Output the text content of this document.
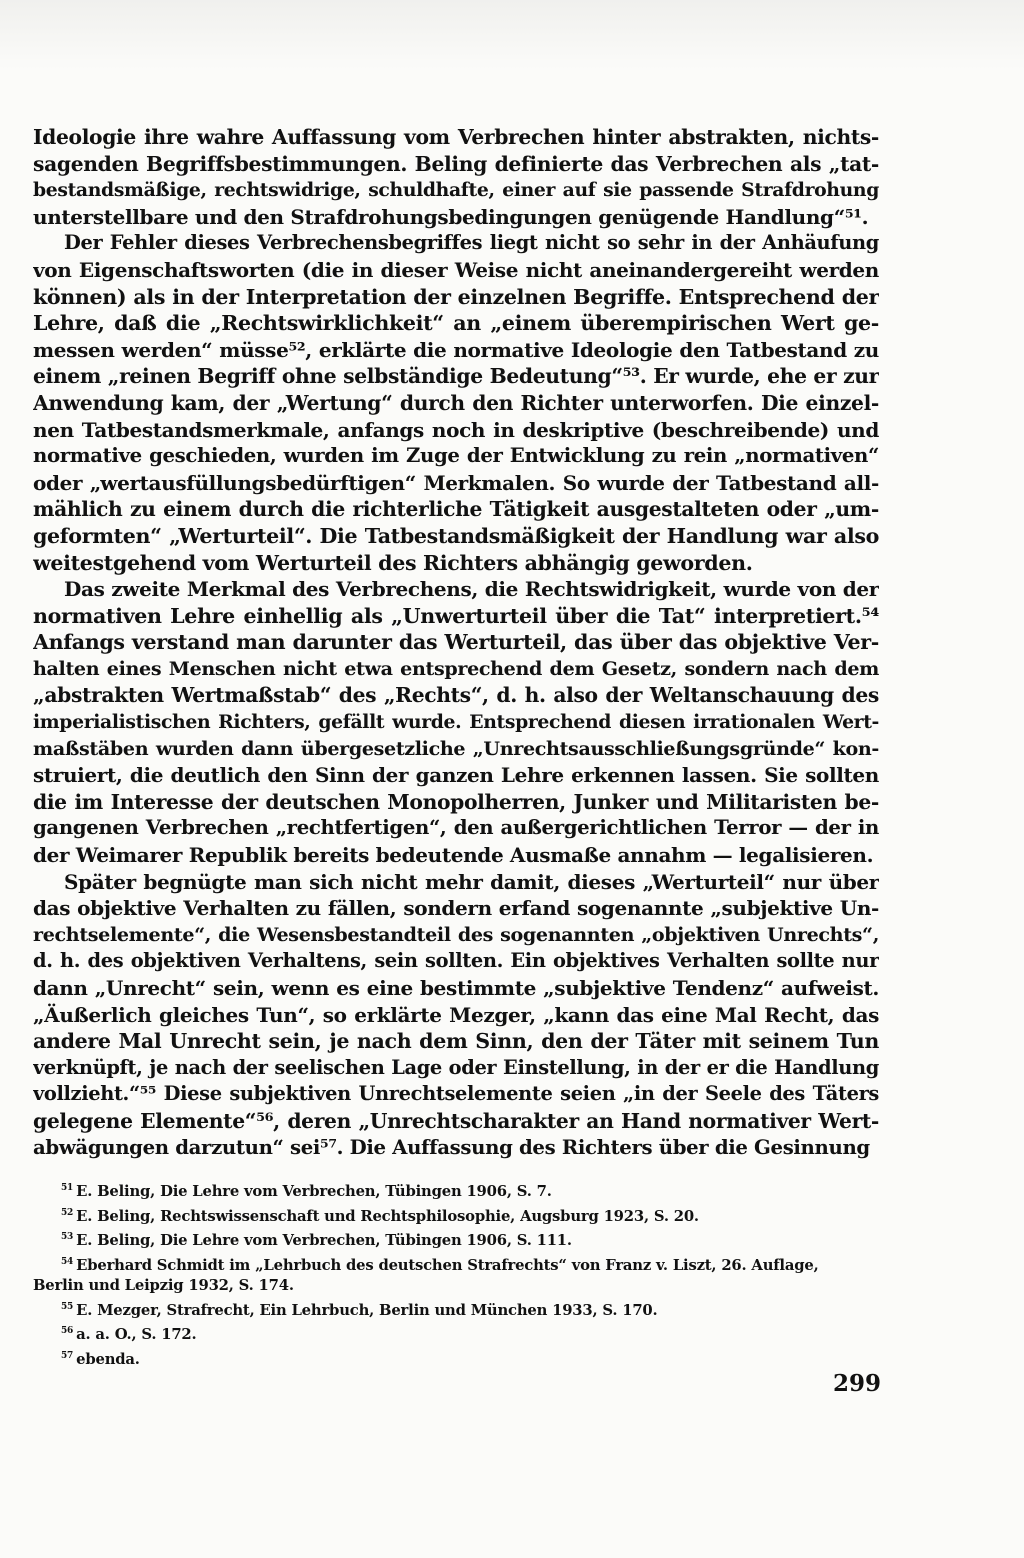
Ideologie ihre wahre Auffassung vom Verbrechen hinter abstrakten, nichts-
sagenden Begriffsbestimmungen. Beling definierte das Verbrechen als „tat-
bestandsmäßige, rechtswidrige, schuldhafte, einer auf sie passende Strafdrohung
unterstellbare und den Strafdrohungsbedingungen genügende Handlung“⁵¹.
Der Fehler dieses Verbrechensbegriffes liegt nicht so sehr in der Anhäufung
von Eigenschaftsworten (die in dieser Weise nicht aneinandergereiht werden
können) als in der Interpretation der einzelnen Begriffe. Entsprechend der
Lehre, daß die „Rechtswirklichkeit“ an „einem überempirischen Wert ge-
messen werden“ müsse⁵², erklärte die normative Ideologie den Tatbestand zu
einem „reinen Begriff ohne selbständige Bedeutung“⁵³. Er wurde, ehe er zur
Anwendung kam, der „Wertung“ durch den Richter unterworfen. Die einzel-
nen Tatbestandsmerkmale, anfangs noch in deskriptive (beschreibende) und
normative geschieden, wurden im Zuge der Entwicklung zu rein „normativen“
oder „wertausfüllungsbedürftigen“ Merkmalen. So wurde der Tatbestand all-
mählich zu einem durch die richterliche Tätigkeit ausgestalteten oder „um-
geformten“ „Werturteil“. Die Tatbestandsmäßigkeit der Handlung war also
weitestgehend vom Werturteil des Richters abhängig geworden.
Das zweite Merkmal des Verbrechens, die Rechtswidrigkeit, wurde von der
normativen Lehre einhellig als „Unwerturteil über die Tat“ interpretiert.⁵⁴
Anfangs verstand man darunter das Werturteil, das über das objektive Ver-
halten eines Menschen nicht etwa entsprechend dem Gesetz, sondern nach dem
„abstrakten Wertmaßstab“ des „Rechts“, d. h. also der Weltanschauung des
imperialistischen Richters, gefällt wurde. Entsprechend diesen irrationalen Wert-
maßstäben wurden dann übergesetzliche „Unrechtsausschließungsgründe“ kon-
struiert, die deutlich den Sinn der ganzen Lehre erkennen lassen. Sie sollten
die im Interesse der deutschen Monopolherren, Junker und Militaristen be-
gangenen Verbrechen „rechtfertigen“, den außergerichtlichen Terror — der in
der Weimarer Republik bereits bedeutende Ausmaße annahm — legalisieren.
Später begnügte man sich nicht mehr damit, dieses „Werturteil“ nur über
das objektive Verhalten zu fällen, sondern erfand sogenannte „subjektive Un-
rechtselemente“, die Wesensbestandteil des sogenannten „objektiven Unrechts“,
d. h. des objektiven Verhaltens, sein sollten. Ein objektives Verhalten sollte nur
dann „Unrecht“ sein, wenn es eine bestimmte „subjektive Tendenz“ aufweist.
„Äußerlich gleiches Tun“, so erklärte Mezger, „kann das eine Mal Recht, das
andere Mal Unrecht sein, je nach dem Sinn, den der Täter mit seinem Tun
verknüpft, je nach der seelischen Lage oder Einstellung, in der er die Handlung
vollzieht.“⁵⁵ Diese subjektiven Unrechtselemente seien „in der Seele des Täters
gelegene Elemente“⁵⁶, deren „Unrechtscharakter an Hand normativer Wert-
abwägungen darzutun“ sei⁵⁷. Die Auffassung des Richters über die Gesinnung
$^{51}$ E. Beling, Die Lehre vom Verbrechen, Tübingen 1906, S. 7.
$^{52}$ E. Beling, Rechtswissenschaft und Rechtsphilosophie, Augsburg 1923, S. 20.
$^{53}$ E. Beling, Die Lehre vom Verbrechen, Tübingen 1906, S. 111.
$^{54}$ Eberhard Schmidt im „Lehrbuch des deutschen Strafrechts“ von Franz v. Liszt, 26. Auflage,
Berlin und Leipzig 1932, S. 174.
$^{55}$ E. Mezger, Strafrecht, Ein Lehrbuch, Berlin und München 1933, S. 170.
$^{56}$ a. a. O., S. 172.
$^{57}$ ebenda.
299
